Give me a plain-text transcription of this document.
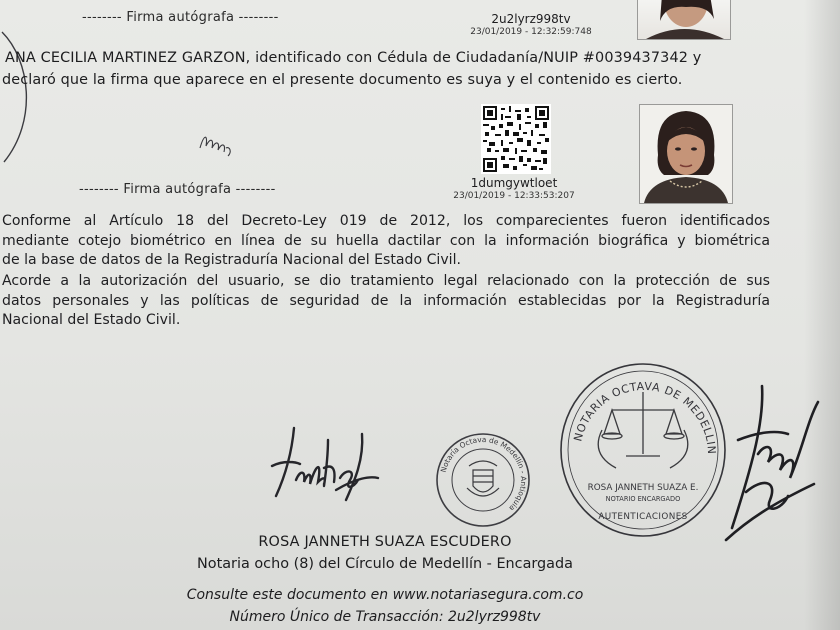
-------- Firma autógrafa --------	2u2lyrz998tv
23/01/2019 - 12:32:59:748
ANA CECILIA MARTINEZ GARZON, identificado con Cédula de Ciudadanía/NUIP #0039437342 y
declaró que la firma que aparece en el presente documento es suya y el contenido es cierto.
1dumgywtloet
23/01/2019 - 12:33:53:207
-------- Firma autógrafa --------
Conforme al Artículo 18 del Decreto-Ley 019 de 2012, los comparecientes fueron identificados
mediante cotejo biométrico en línea de su huella dactilar con la información biográfica y biométrica
de la base de datos de la Registraduría Nacional del Estado Civil.
Acorde a la autorización del usuario, se dio tratamiento legal relacionado con la protección de sus
datos personales y las políticas de seguridad de la información establecidas por la Registraduría
Nacional del Estado Civil.
Notaría Octava de Medellín - Antioquia
NOTARIA OCTAVA DE MEDELLIN
ROSA JANNETH SUAZA E.
NOTARIO ENCARGADO
AUTENTICACIONES
ROSA JANNETH SUAZA ESCUDERO
Notaria ocho (8) del Círculo de Medellín - Encargada
Consulte este documento en www.notariasegura.com.co
Número Único de Transacción: 2u2lyrz998tv
